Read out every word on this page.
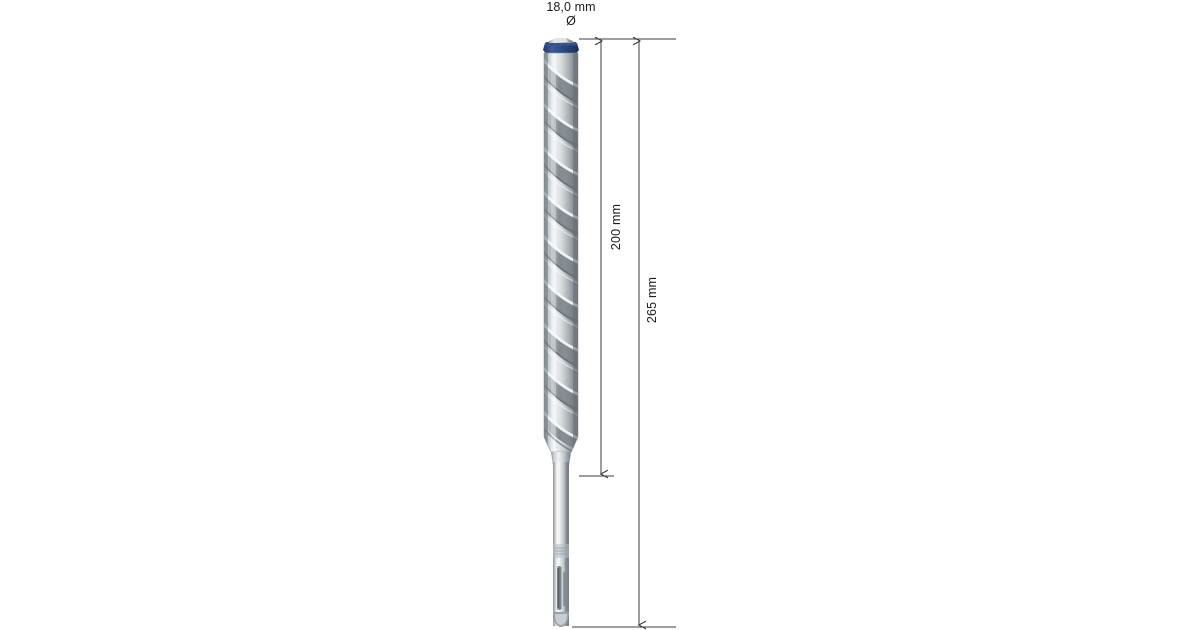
18,0 mm
Ø
200 mm
265 mm
